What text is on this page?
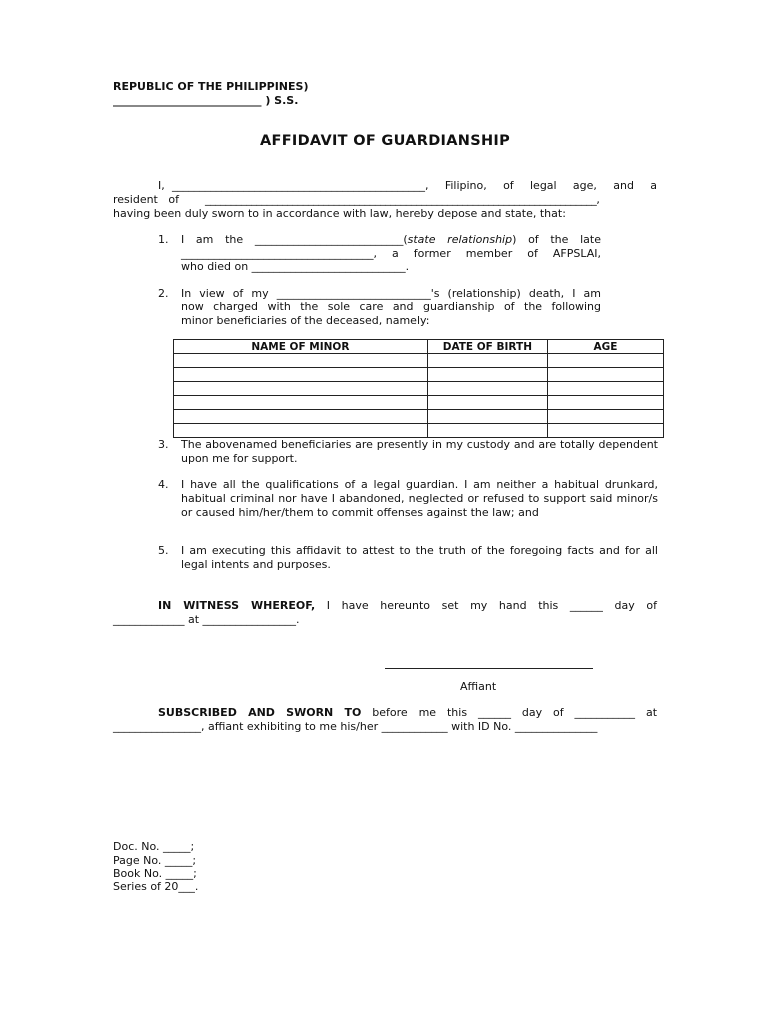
REPUBLIC OF THE PHILIPPINES)
___________________________ ) S.S.
AFFIDAVIT OF GUARDIANSHIP
I, ______________________________________________, Filipino, of legal age, and a
resident   of ____________________________________________________________________________,
having been duly sworn to in accordance with law, hereby depose and state, that:
1. I am the ___________________________(state relationship) of the late
___________________________________, a former member of AFPSLAI,
who died on ____________________________.
2. In view of my ____________________________'s (relationship) death, I am
now charged with the sole care and guardianship of the following
minor beneficiaries of the deceased, namely:
NAME OF MINOR	DATE OF BIRTH	AGE

3. The abovenamed beneficiaries are presently in my custody and are totally dependent upon me for support.
4. I have all the qualifications of a legal guardian. I am neither a habitual drunkard, habitual criminal nor have I abandoned, neglected or refused to support said minor/s or caused him/her/them to commit offenses against the law; and
5. I am executing this affidavit to attest to the truth of the foregoing facts and for all legal intents and purposes.
IN WITNESS WHEREOF, I have hereunto set my hand this ______ day of
_____________ at _________________.
Affiant
SUBSCRIBED AND SWORN TO before me this ______ day of ___________ at
________________, affiant exhibiting to me his/her ____________ with ID No. _______________
Doc. No. _____;
Page No. _____;
Book No. _____;
Series of 20___.
